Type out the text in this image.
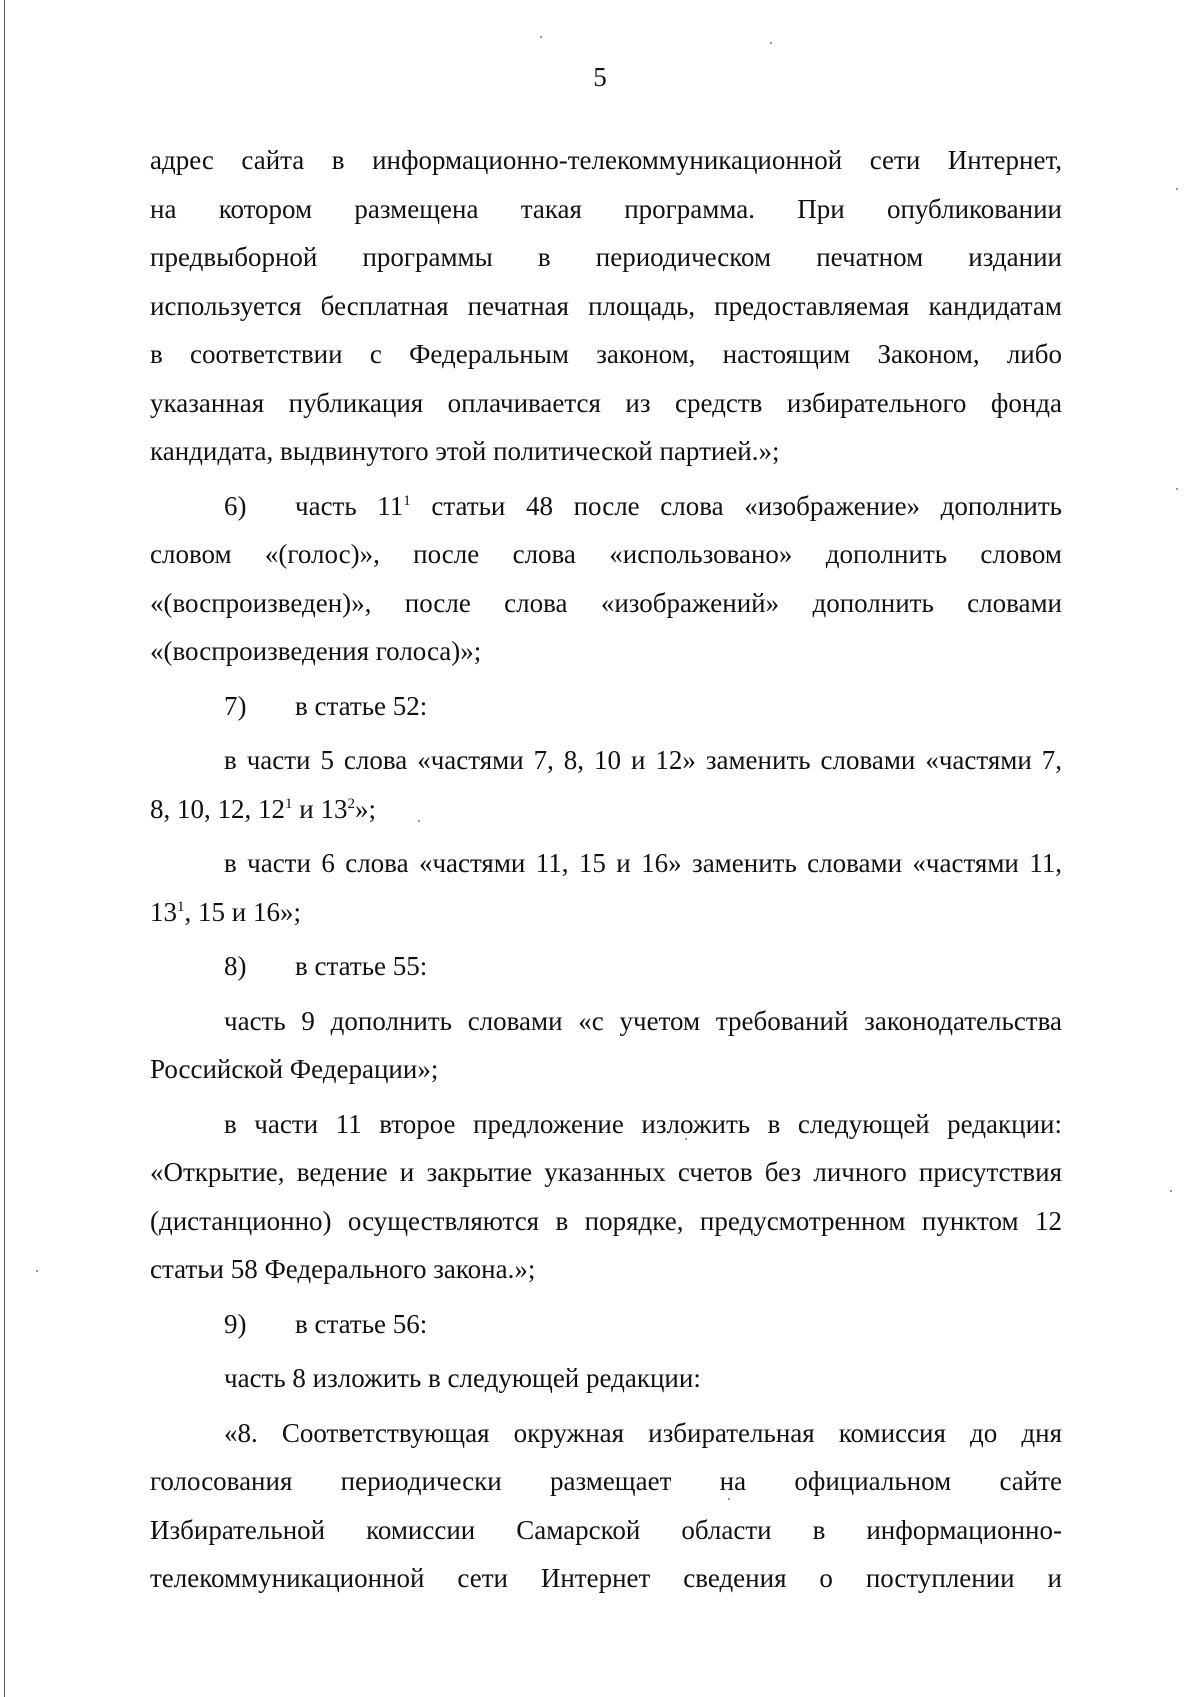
5

адрес сайта в информационно-телекоммуникационной сети Интернет,

на котором размещена такая программа. При опубликовании

предвыборной программы в периодическом печатном издании

используется бесплатная печатная площадь, предоставляемая кандидатам

в соответствии с Федеральным законом, настоящим Законом, либо

указанная публикация оплачивается из средств избирательного фонда

кандидата, выдвинутого этой политической партией.»;

6) часть $11^1$ статьи 48 после слова «изображение» дополнить

словом «(голос)», после слова «использовано» дополнить словом

«(воспроизведен)», после слова «изображений» дополнить словами

«(воспроизведения голоса)»;

7) в статье 52:

в части 5 слова «частями 7, 8, 10 и 12» заменить словами «частями 7,

8, 10, 12, $12^1$ и $13^2$»;

в части 6 слова «частями 11, 15 и 16» заменить словами «частями 11,

$13^1$, 15 и 16»;

8) в статье 55:

часть 9 дополнить словами «с учетом требований законодательства

Российской Федерации»;

в части 11 второе предложение изложить в следующей редакции:

«Открытие, ведение и закрытие указанных счетов без личного присутствия

(дистанционно) осуществляются в порядке, предусмотренном пунктом 12

статьи 58 Федерального закона.»;

9) в статье 56:

часть 8 изложить в следующей редакции:

«8. Соответствующая окружная избирательная комиссия до дня

голосования периодически размещает на официальном сайте

Избирательной комиссии Самарской области в информационно-

телекоммуникационной сети Интернет сведения о поступлении и
